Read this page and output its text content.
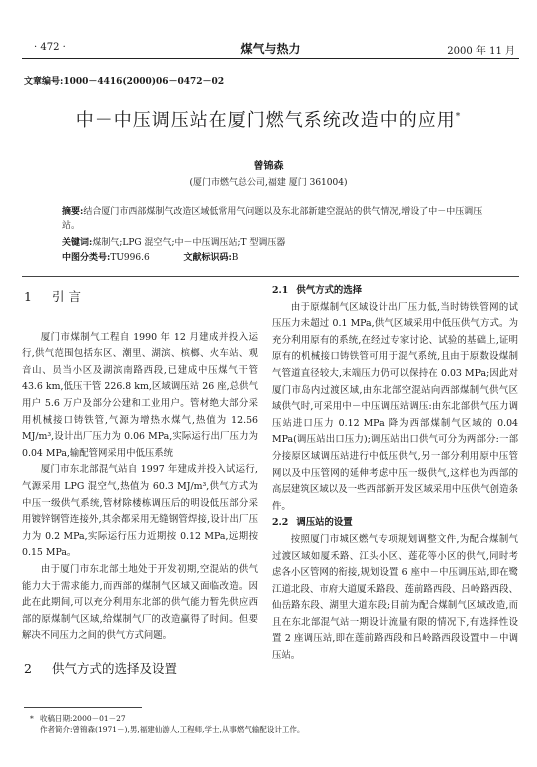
· 472 ·	煤气与热力	2000 年 11 月
文章编号:1000－4416(2000)06－0472－02
中－中压调压站在厦门燃气系统改造中的应用*
曾锦森
(厦门市燃气总公司,福建 厦门 361004)
摘要:结合厦门市西部煤制气改造区域低常用气问题以及东北部新建空混站的供气情况,增设了中－中压调压站。
关键词:煤制气;LPG 混空气;中－中压调压站;T 型调压器
中图分类号:TU996.6	文献标识码:B
1 引 言

厦门市煤制气工程自 1990 年 12 月建成并投入运行,供气范围包括东区、潮里、湖滨、槟榔、火车站、观音山、员当小区及湖滨南路西段,已建成中压煤气干管 43.6 km,低压干管 226.8 km,区域调压站 26 座,总供气用户 5.6 万户及部分公建和工业用户。管材绝大部分采用机械接口铸铁管,气源为增热水煤气,热值为 12.56 MJ/m³,设计出厂压力为 0.06 MPa,实际运行出厂压力为 0.04 MPa,输配管网采用中低压系统

厦门市东北部混气站自 1997 年建成并投入试运行,气源采用 LPG 混空气,热值为 60.3 MJ/m³,供气方式为中压一级供气系统,管材除楼栋调压后的明设低压部分采用镀锌钢管连接外,其余都采用无缝钢管焊接,设计出厂压力为 0.2 MPa,实际运行压力近期按 0.12 MPa,远期按 0.15 MPa。

由于厦门市东北部土地处于开发初期,空混站的供气能力大于需求能力,而西部的煤制气区域又面临改造。因此在此期间,可以充分利用东北部的供气能力暂先供应西部的原煤制气区域,给煤制气厂的改造赢得了时间。但要解决不同压力之间的供气方式问题。

2 供气方式的选择及设置

2.1 供气方式的选择

由于原煤制气区域设计出厂压力低,当时铸铁管网的试压压力未超过 0.1 MPa,供气区域采用中低压供气方式。为充分利用原有的系统,在经过专家讨论、试验的基础上,证明原有的机械接口铸铁管可用于混气系统,且由于原数设煤制气管道直径较大,末端压力仍可以保持在 0.03 MPa;因此对厦门市岛内过渡区域,由东北部空混站向西部煤制气供气区域供气时,可采用中－中压调压站调压:由东北部供气压力调压站进口压力 0.12 MPa 降为西部煤制气区域的 0.04 MPa(调压站出口压力);调压站出口供气可分为两部分:一部分接原区域调压站进行中低压供气,另一部分利用原中压管网以及中压管网的延伸考虑中压一级供气,这样也为西部的高层建筑区域以及一些西部新开发区域采用中压供气创造条件。

2.2 调压站的设置

按照厦门市城区燃气专项规划调整文件,为配合煤制气过渡区域如厦禾路、江头小区、莲花等小区的供气,同时考虑各小区管网的衔接,规划设置 6 座中－中压调压站,即在鹭江道北段、市府大道厦禾路段、莲前路西段、吕岭路西段、仙岳路东段、湖里大道东段;目前为配合煤制气区域改造,而且在东北部混气站一期设计流量有限的情况下,有选择性设置 2 座调压站,即在莲前路西段和吕岭路西段设置中－中调压站。

* 收稿日期:2000－01－27
作者简介:曾锦森(1971－),男,福建仙游人,工程师,学士,从事燃气输配设计工作。
